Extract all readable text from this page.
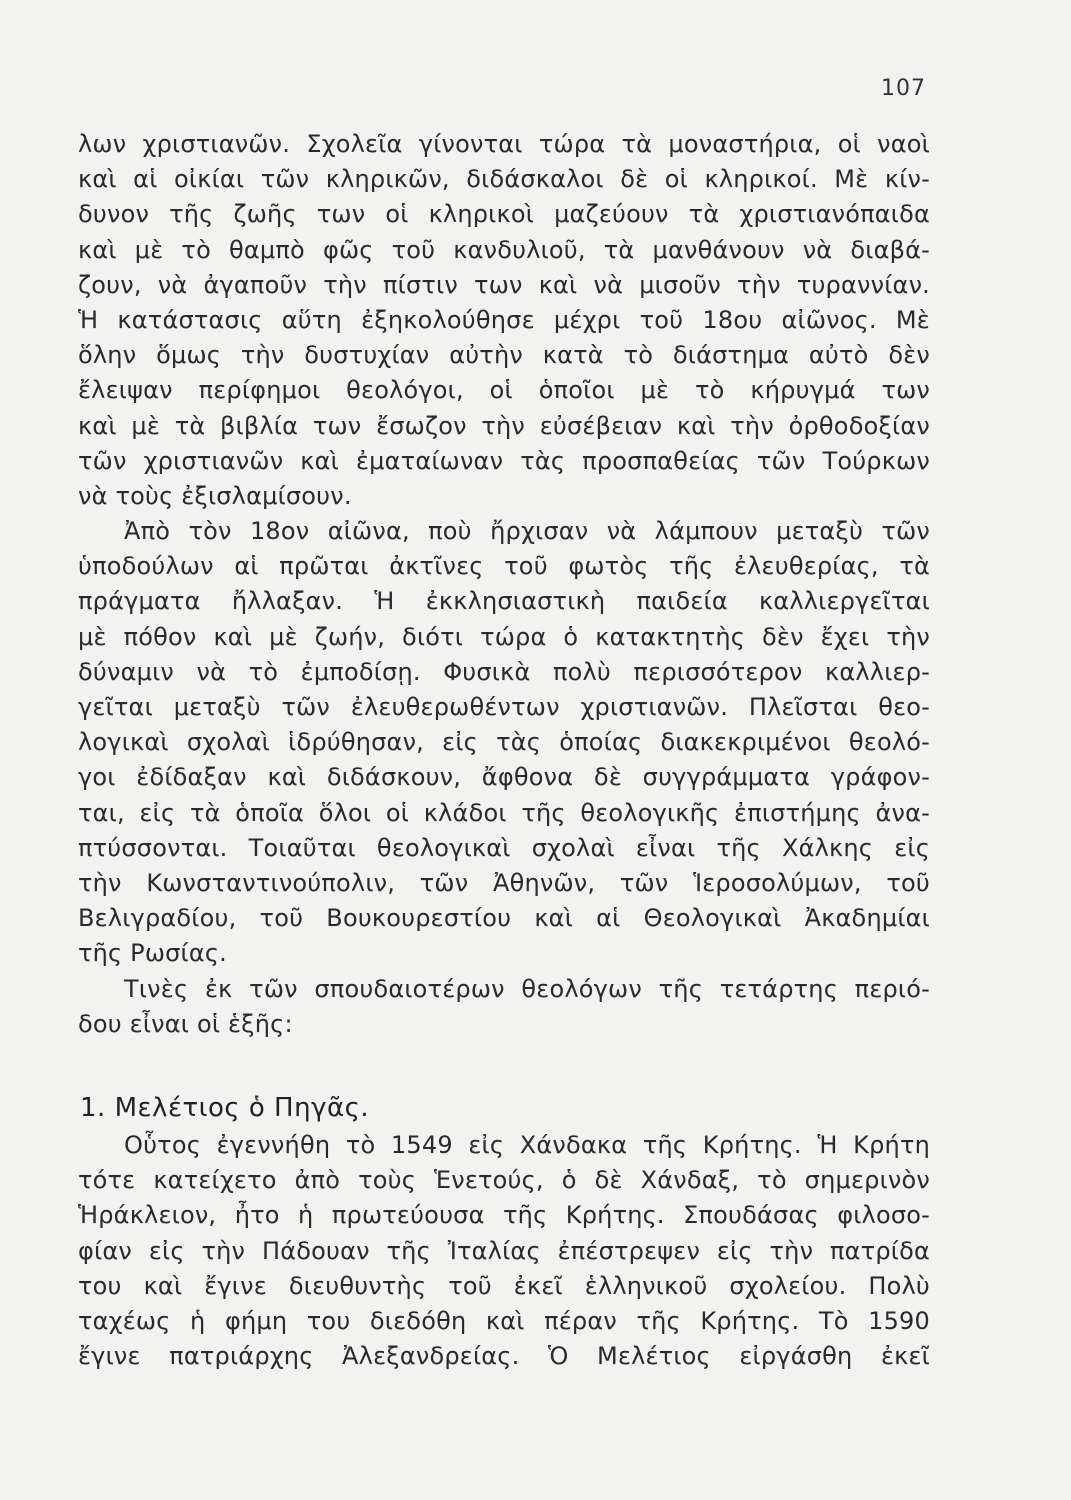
107
λων χριστιανῶν. Σχολεῖα γίνονται τώρα τὰ μοναστήρια, οἱ ναοὶ
καὶ αἱ οἰκίαι τῶν κληρικῶν, διδάσκαλοι δὲ οἱ κληρικοί. Μὲ κίν-
δυνον τῆς ζωῆς των οἱ κληρικοὶ μαζεύουν τὰ χριστιανόπαιδα
καὶ μὲ τὸ θαμπὸ φῶς τοῦ κανδυλιοῦ, τὰ μανθάνουν νὰ διαβά-
ζουν, νὰ ἀγαποῦν τὴν πίστιν των καὶ νὰ μισοῦν τὴν τυραννίαν.
Ἡ κατάστασις αὕτη ἐξηκολούθησε μέχρι τοῦ 18ου αἰῶνος. Μὲ
ὅλην ὅμως τὴν δυστυχίαν αὐτὴν κατὰ τὸ διάστημα αὐτὸ δὲν
ἔλειψαν περίφημοι θεολόγοι, οἱ ὁποῖοι μὲ τὸ κήρυγμά των
καὶ μὲ τὰ βιβλία των ἔσωζον τὴν εὐσέβειαν καὶ τὴν ὀρθοδοξίαν
τῶν χριστιανῶν καὶ ἐματαίωναν τὰς προσπαθείας τῶν Τούρκων
νὰ τοὺς ἐξισλαμίσουν.
Ἀπὸ τὸν 18ον αἰῶνα, ποὺ ἤρχισαν νὰ λάμπουν μεταξὺ τῶν
ὑποδούλων αἱ πρῶται ἀκτῖνες τοῦ φωτὸς τῆς ἐλευθερίας, τὰ
πράγματα ἤλλαξαν. Ἡ ἐκκλησιαστικὴ παιδεία καλλιεργεῖται
μὲ πόθον καὶ μὲ ζωήν, διότι τώρα ὁ κατακτητὴς δὲν ἔχει τὴν
δύναμιν νὰ τὸ ἐμποδίσῃ. Φυσικὰ πολὺ περισσότερον καλλιερ-
γεῖται μεταξὺ τῶν ἐλευθερωθέντων χριστιανῶν. Πλεῖσται θεο-
λογικαὶ σχολαὶ ἱδρύθησαν, εἰς τὰς ὁποίας διακεκριμένοι θεολό-
γοι ἐδίδαξαν καὶ διδάσκουν, ἄφθονα δὲ συγγράμματα γράφον-
ται, εἰς τὰ ὁποῖα ὅλοι οἱ κλάδοι τῆς θεολογικῆς ἐπιστήμης ἀνα-
πτύσσονται. Τοιαῦται θεολογικαὶ σχολαὶ εἶναι τῆς Χάλκης εἰς
τὴν Κωνσταντινούπολιν, τῶν Ἀθηνῶν, τῶν Ἱεροσολύμων, τοῦ
Βελιγραδίου, τοῦ Βουκουρεστίου καὶ αἱ Θεολογικαὶ Ἀκαδημίαι
τῆς Ρωσίας.
Τινὲς ἐκ τῶν σπουδαιοτέρων θεολόγων τῆς τετάρτης περιό-
δου εἶναι οἱ ἑξῆς:
1. Μελέτιος ὁ Πηγᾶς.
Οὗτος ἐγεννήθη τὸ 1549 εἰς Χάνδακα τῆς Κρήτης. Ἡ Κρήτη
τότε κατείχετο ἀπὸ τοὺς Ἑνετούς, ὁ δὲ Χάνδαξ, τὸ σημερινὸν
Ἡράκλειον, ἦτο ἡ πρωτεύουσα τῆς Κρήτης. Σπουδάσας φιλοσο-
φίαν εἰς τὴν Πάδουαν τῆς Ἰταλίας ἐπέστρεψεν εἰς τὴν πατρίδα
του καὶ ἔγινε διευθυντὴς τοῦ ἐκεῖ ἑλληνικοῦ σχολείου. Πολὺ
ταχέως ἡ φήμη του διεδόθη καὶ πέραν τῆς Κρήτης. Τὸ 1590
ἔγινε πατριάρχης Ἀλεξανδρείας. Ὁ Μελέτιος εἰργάσθη ἐκεῖ
